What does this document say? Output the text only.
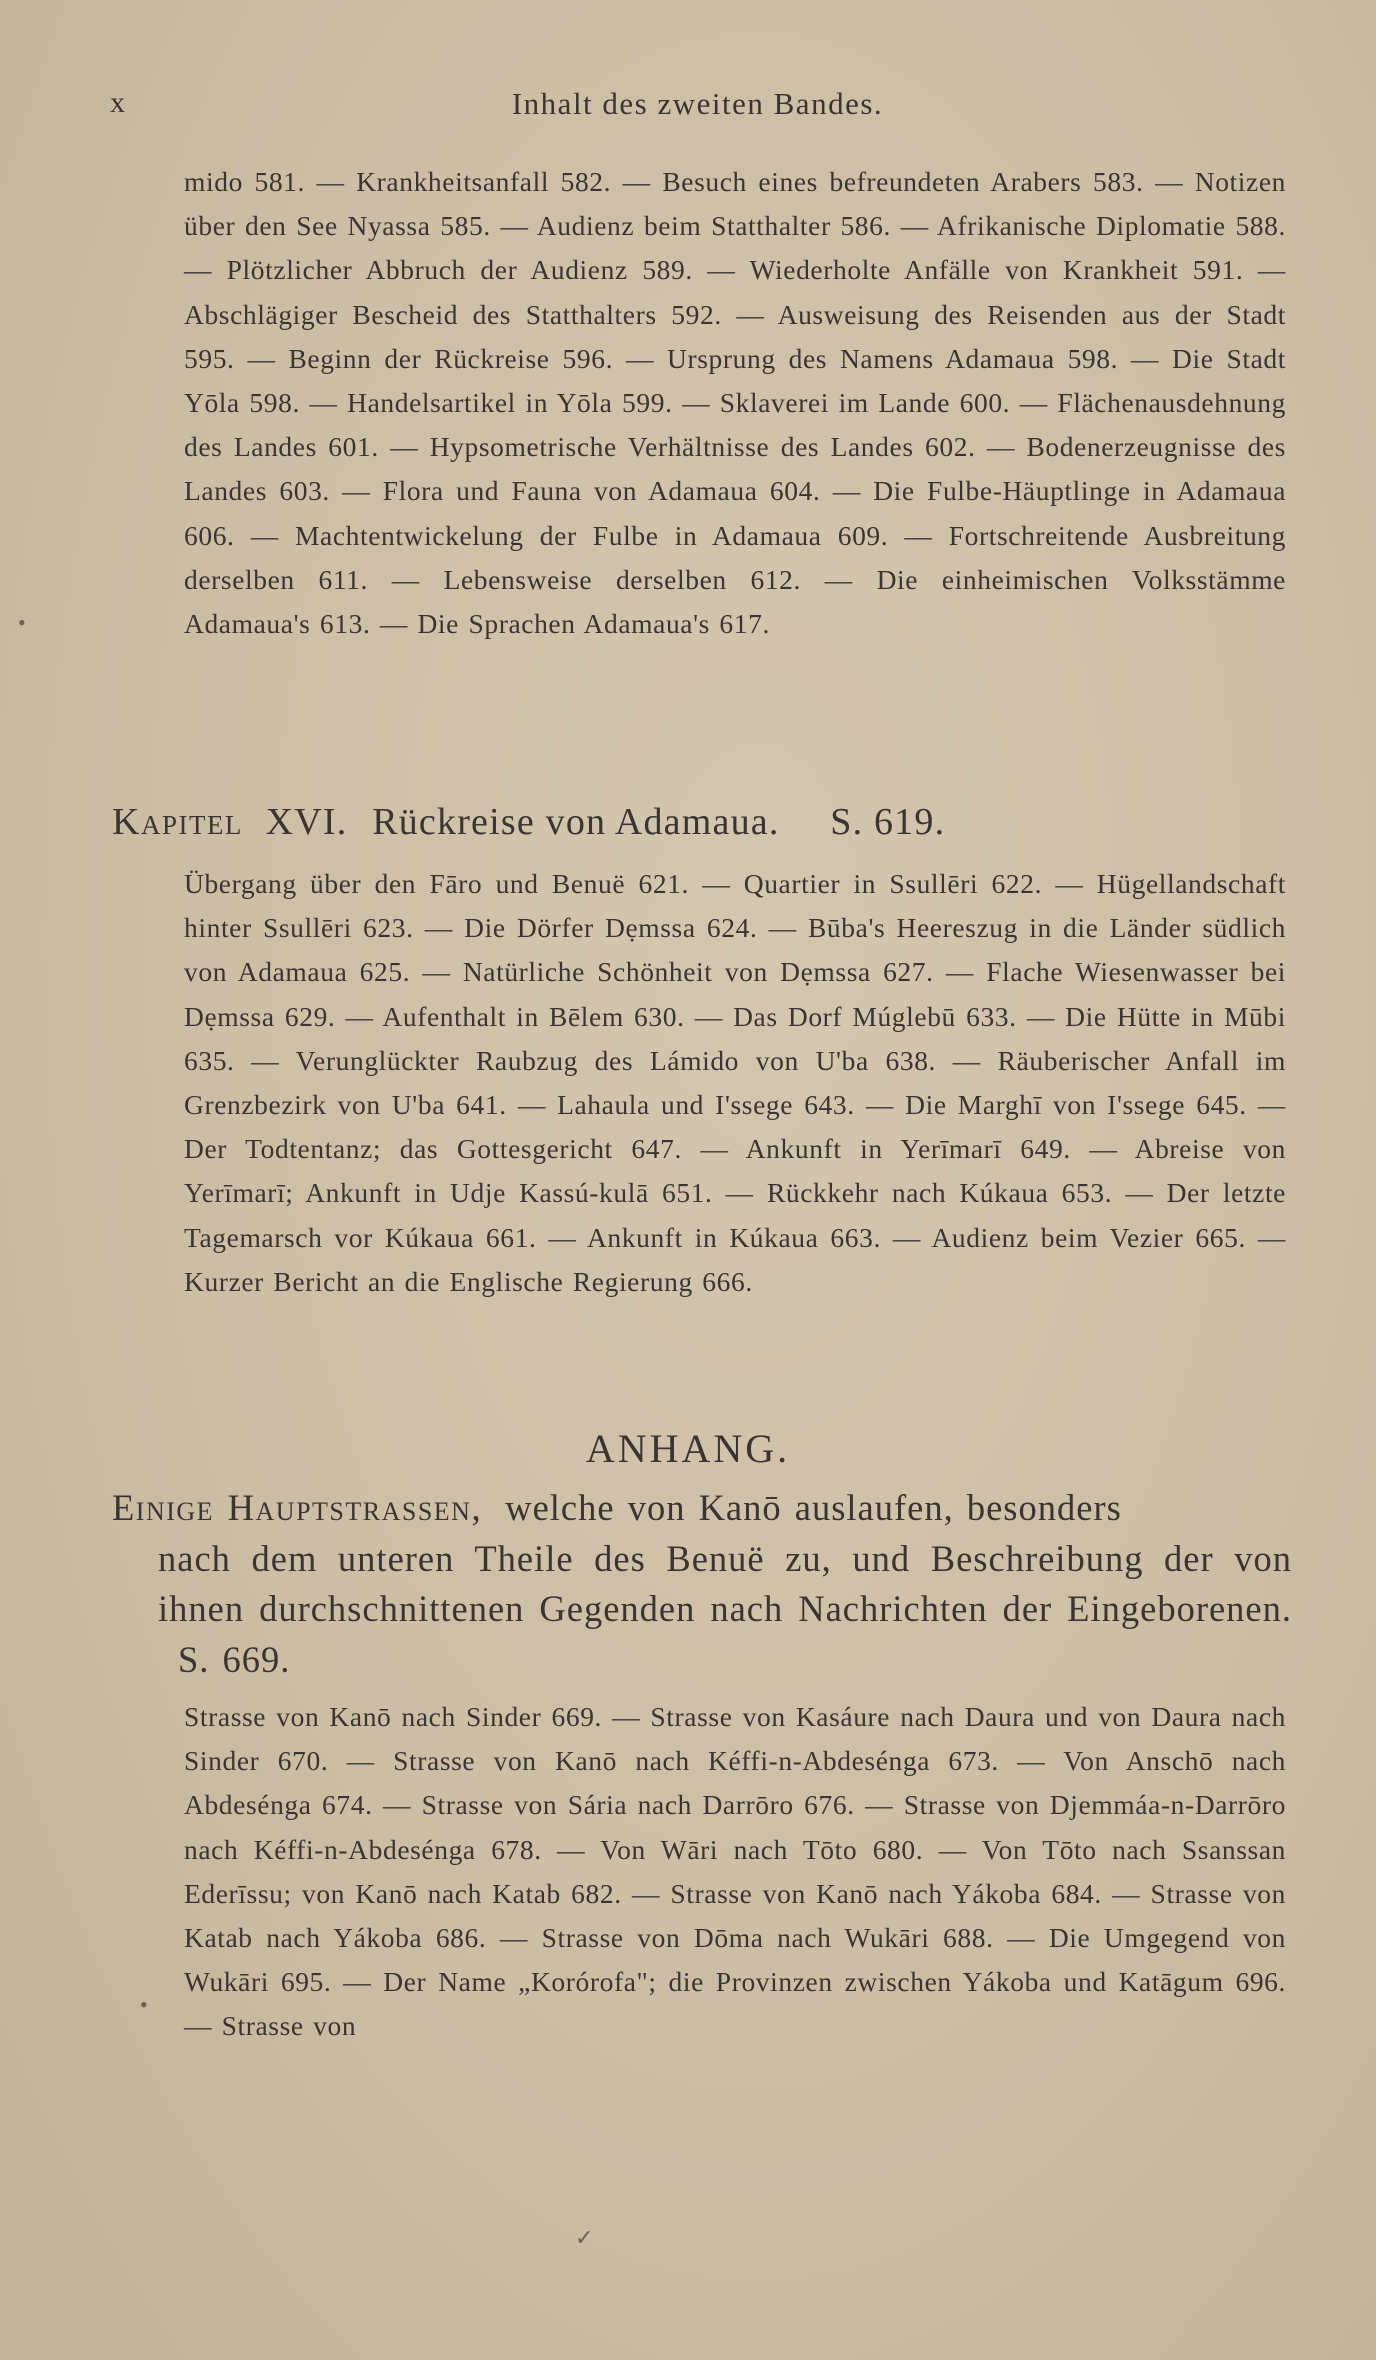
x	Inhalt des zweiten Bandes.
mido 581. — Krankheitsanfall 582. — Besuch eines befreundeten Arabers 583. — Notizen über den See Nyassa 585. — Audienz beim Statthalter 586. — Afrikanische Diplomatie 588. — Plötzlicher Abbruch der Audienz 589. — Wiederholte Anfälle von Krankheit 591. — Abschlägiger Bescheid des Statthalters 592. — Ausweisung des Reisenden aus der Stadt 595. — Beginn der Rückreise 596. — Ursprung des Namens Adamaua 598. — Die Stadt Yōla 598. — Handelsartikel in Yōla 599. — Sklaverei im Lande 600. — Flächenausdehnung des Landes 601. — Hypsometrische Verhältnisse des Landes 602. — Bodenerzeugnisse des Landes 603. — Flora und Fauna von Adamaua 604. — Die Fulbe-Häuptlinge in Adamaua 606. — Machtentwickelung der Fulbe in Adamaua 609. — Fortschreitende Ausbreitung derselben 611. — Lebensweise derselben 612. — Die einheimischen Volksstämme Adamaua's 613. — Die Sprachen Adamaua's 617.
Kapitel XVI. Rückreise von Adamaua. S. 619.
Übergang über den Fāro und Benuë 621. — Quartier in Ssullēri 622. — Hügellandschaft hinter Ssullēri 623. — Die Dörfer Dẹmssa 624. — Būba's Heereszug in die Länder südlich von Adamaua 625. — Natürliche Schönheit von Dẹmssa 627. — Flache Wiesenwasser bei Dẹmssa 629. — Aufenthalt in Bēlem 630. — Das Dorf Múglebū 633. — Die Hütte in Mūbi 635. — Verunglückter Raubzug des Lámido von U'ba 638. — Räuberischer Anfall im Grenzbezirk von U'ba 641. — Lahaula und I'ssege 643. — Die Marghī von I'ssege 645. — Der Todtentanz; das Gottesgericht 647. — Ankunft in Yerīmarī 649. — Abreise von Yerīmarī; Ankunft in Udje Kassú-kulā 651. — Rückkehr nach Kúkaua 653. — Der letzte Tagemarsch vor Kúkaua 661. — Ankunft in Kúkaua 663. — Audienz beim Vezier 665. — Kurzer Bericht an die Englische Regierung 666.
ANHANG.
Einige Hauptstrassen, welche von Kanō auslaufen, besonders
nach dem unteren Theile des Benuë zu, und Beschreibung der von ihnen durchschnittenen Gegenden nach Nachrichten der Eingeborenen. S. 669.
Strasse von Kanō nach Sinder 669. — Strasse von Kasáure nach Daura und von Daura nach Sinder 670. — Strasse von Kanō nach Kéffi-n-Abdesénga 673. — Von Anschō nach Abdesénga 674. — Strasse von Sária nach Darrōro 676. — Strasse von Djemmáa-n-Darrōro nach Kéffi-n-Abdesénga 678. — Von Wāri nach Tōto 680. — Von Tōto nach Ssanssan Ederīssu; von Kanō nach Katab 682. — Strasse von Kanō nach Yákoba 684. — Strasse von Katab nach Yákoba 686. — Strasse von Dōma nach Wukāri 688. — Die Umgegend von Wukāri 695. — Der Name „Korórofa"; die Provinzen zwischen Yákoba und Katāgum 696. — Strasse von
✓
•
•
